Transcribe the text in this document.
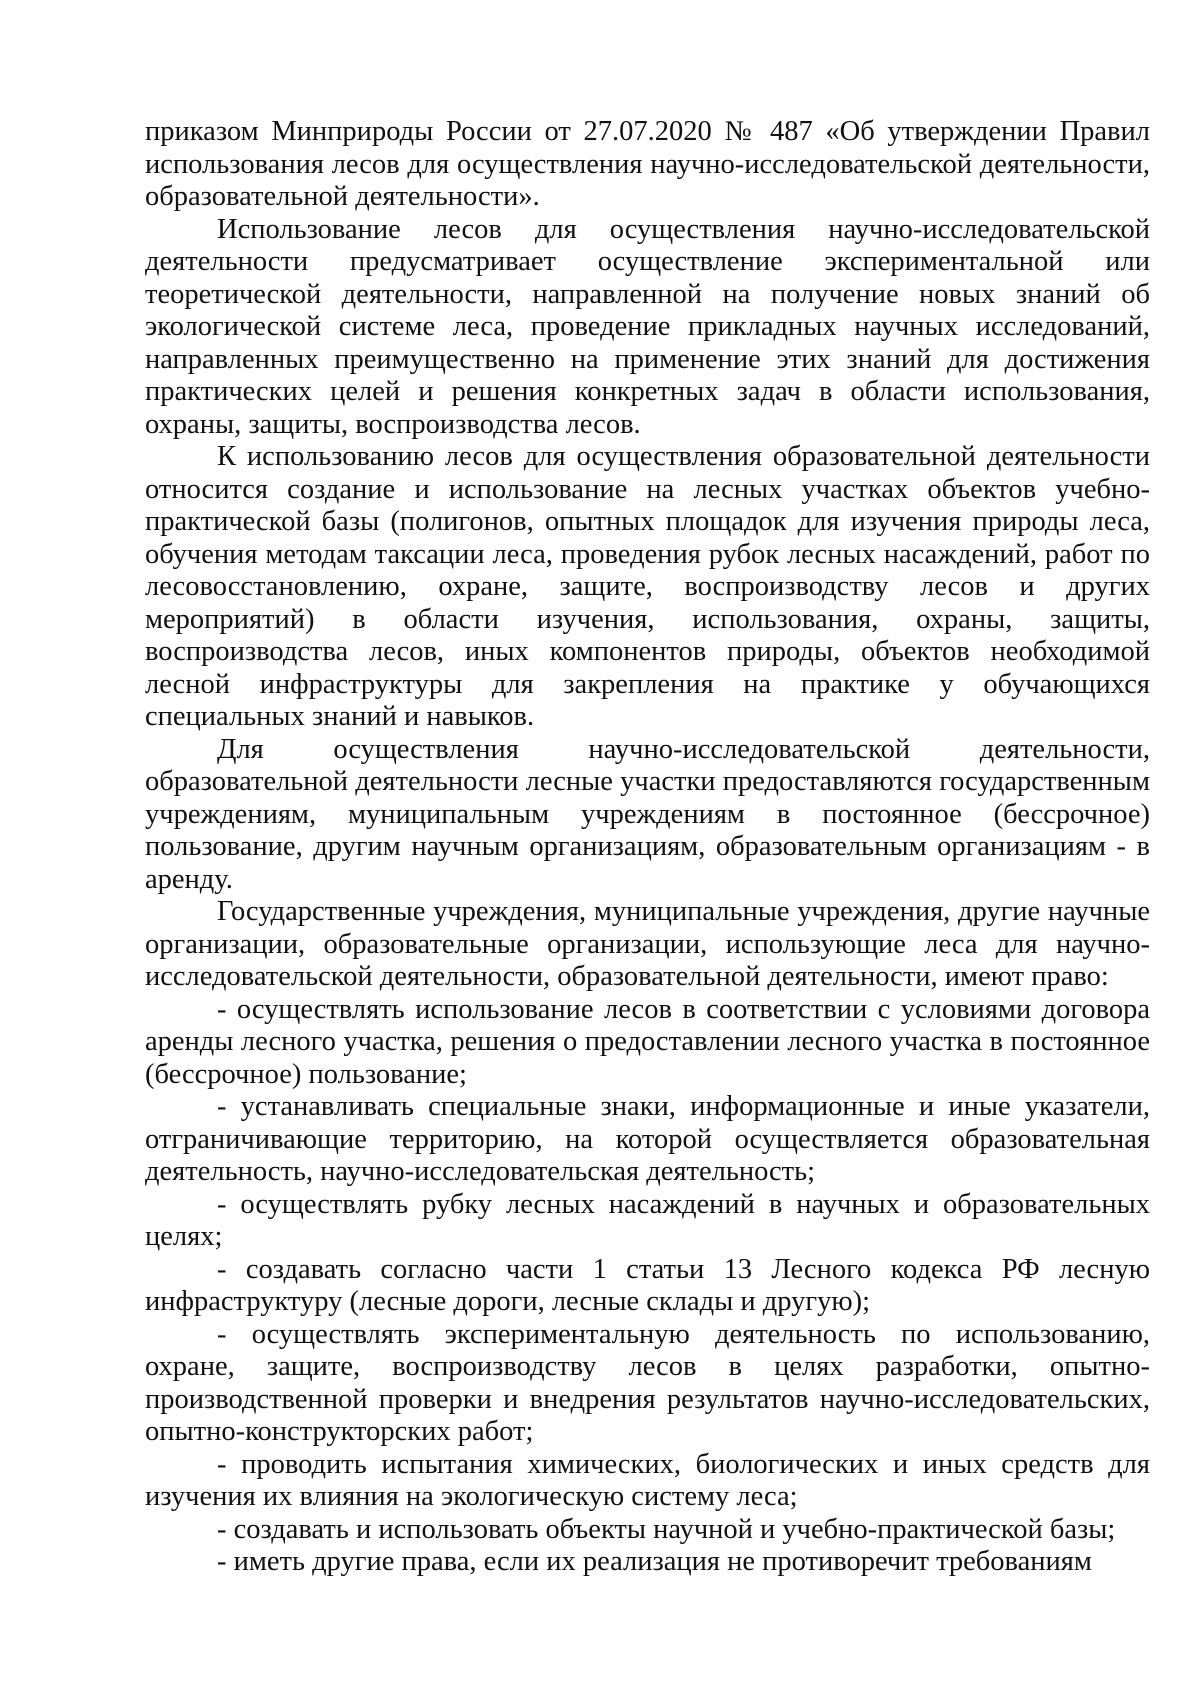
приказом Минприроды России от 27.07.2020 № 487 «Об утверждении Правил использования лесов для осуществления научно-исследовательской деятельности, образовательной деятельности».

Использование лесов для осуществления научно-исследовательской деятельности предусматривает осуществление экспериментальной или теоретической деятельности, направленной на получение новых знаний об экологической системе леса, проведение прикладных научных исследований, направленных преимущественно на применение этих знаний для достижения практических целей и решения конкретных задач в области использования, охраны, защиты, воспроизводства лесов.

К использованию лесов для осуществления образовательной деятельности относится создание и использование на лесных участках объектов учебно-практической базы (полигонов, опытных площадок для изучения природы леса, обучения методам таксации леса, проведения рубок лесных насаждений, работ по лесовосстановлению, охране, защите, воспроизводству лесов и других мероприятий) в области изучения, использования, охраны, защиты, воспроизводства лесов, иных компонентов природы, объектов необходимой лесной инфраструктуры для закрепления на практике у обучающихся специальных знаний и навыков.

Для осуществления научно-исследовательской деятельности, образовательной деятельности лесные участки предоставляются государственным учреждениям, муниципальным учреждениям в постоянное (бессрочное) пользование, другим научным организациям, образовательным организациям - в аренду.

Государственные учреждения, муниципальные учреждения, другие научные организации, образовательные организации, использующие леса для научно-исследовательской деятельности, образовательной деятельности, имеют право:

- осуществлять использование лесов в соответствии с условиями договора аренды лесного участка, решения о предоставлении лесного участка в постоянное (бессрочное) пользование;

- устанавливать специальные знаки, информационные и иные указатели, отграничивающие территорию, на которой осуществляется образовательная деятельность, научно-исследовательская деятельность;

- осуществлять рубку лесных насаждений в научных и образовательных целях;

- создавать согласно части 1 статьи 13 Лесного кодекса РФ лесную инфраструктуру (лесные дороги, лесные склады и другую);

- осуществлять экспериментальную деятельность по использованию, охране, защите, воспроизводству лесов в целях разработки, опытно-производственной проверки и внедрения результатов научно-исследовательских, опытно-конструкторских работ;

- проводить испытания химических, биологических и иных средств для изучения их влияния на экологическую систему леса;

- создавать и использовать объекты научной и учебно-практической базы;

- иметь другие права, если их реализация не противоречит требованиям
